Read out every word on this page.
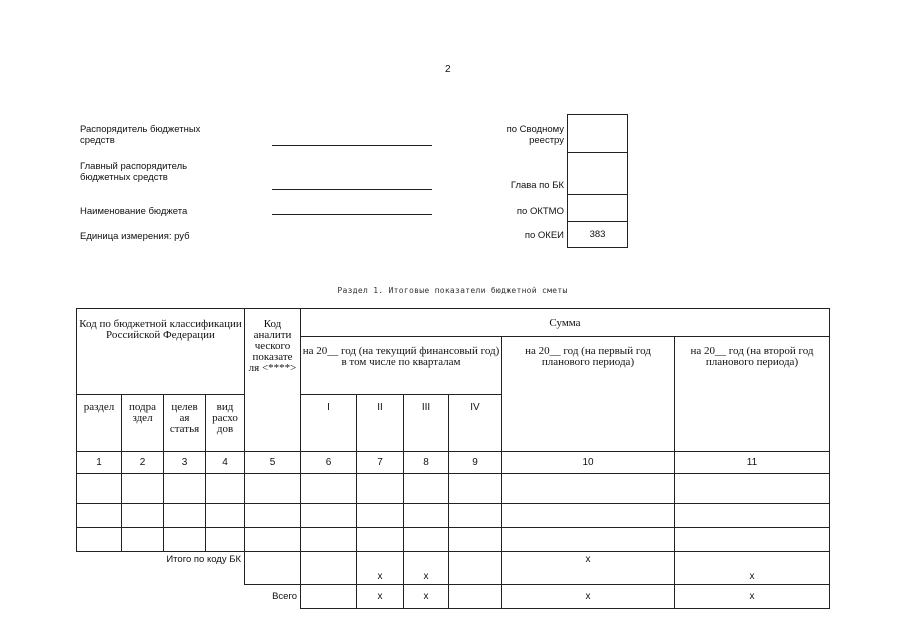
2
Распорядитель бюджетных средств
Главный распорядитель бюджетных средств
Наименование бюджета
Единица измерения: руб
по Сводному реестру
Глава по БК
по ОКТМО
по ОКЕИ	383
Раздел 1. Итоговые показатели бюджетной сметы
Код по бюджетной классификации Российской Федерации				Код аналити ческого показате ля <****>	Сумма					
					на 20__ год (на текущий финансовый год) в том числе по кварталам				на 20__ год (на первый год планового периода)	на 20__ год (на второй год планового периода)
раздел	подра здел	целев ая статья	вид расхо дов		I	II	III	IV		
1	2	3	4	5	6	7	8	9	10	11

Итого по коду БК						x	x		x	x
			Всего			x	x		x	x
